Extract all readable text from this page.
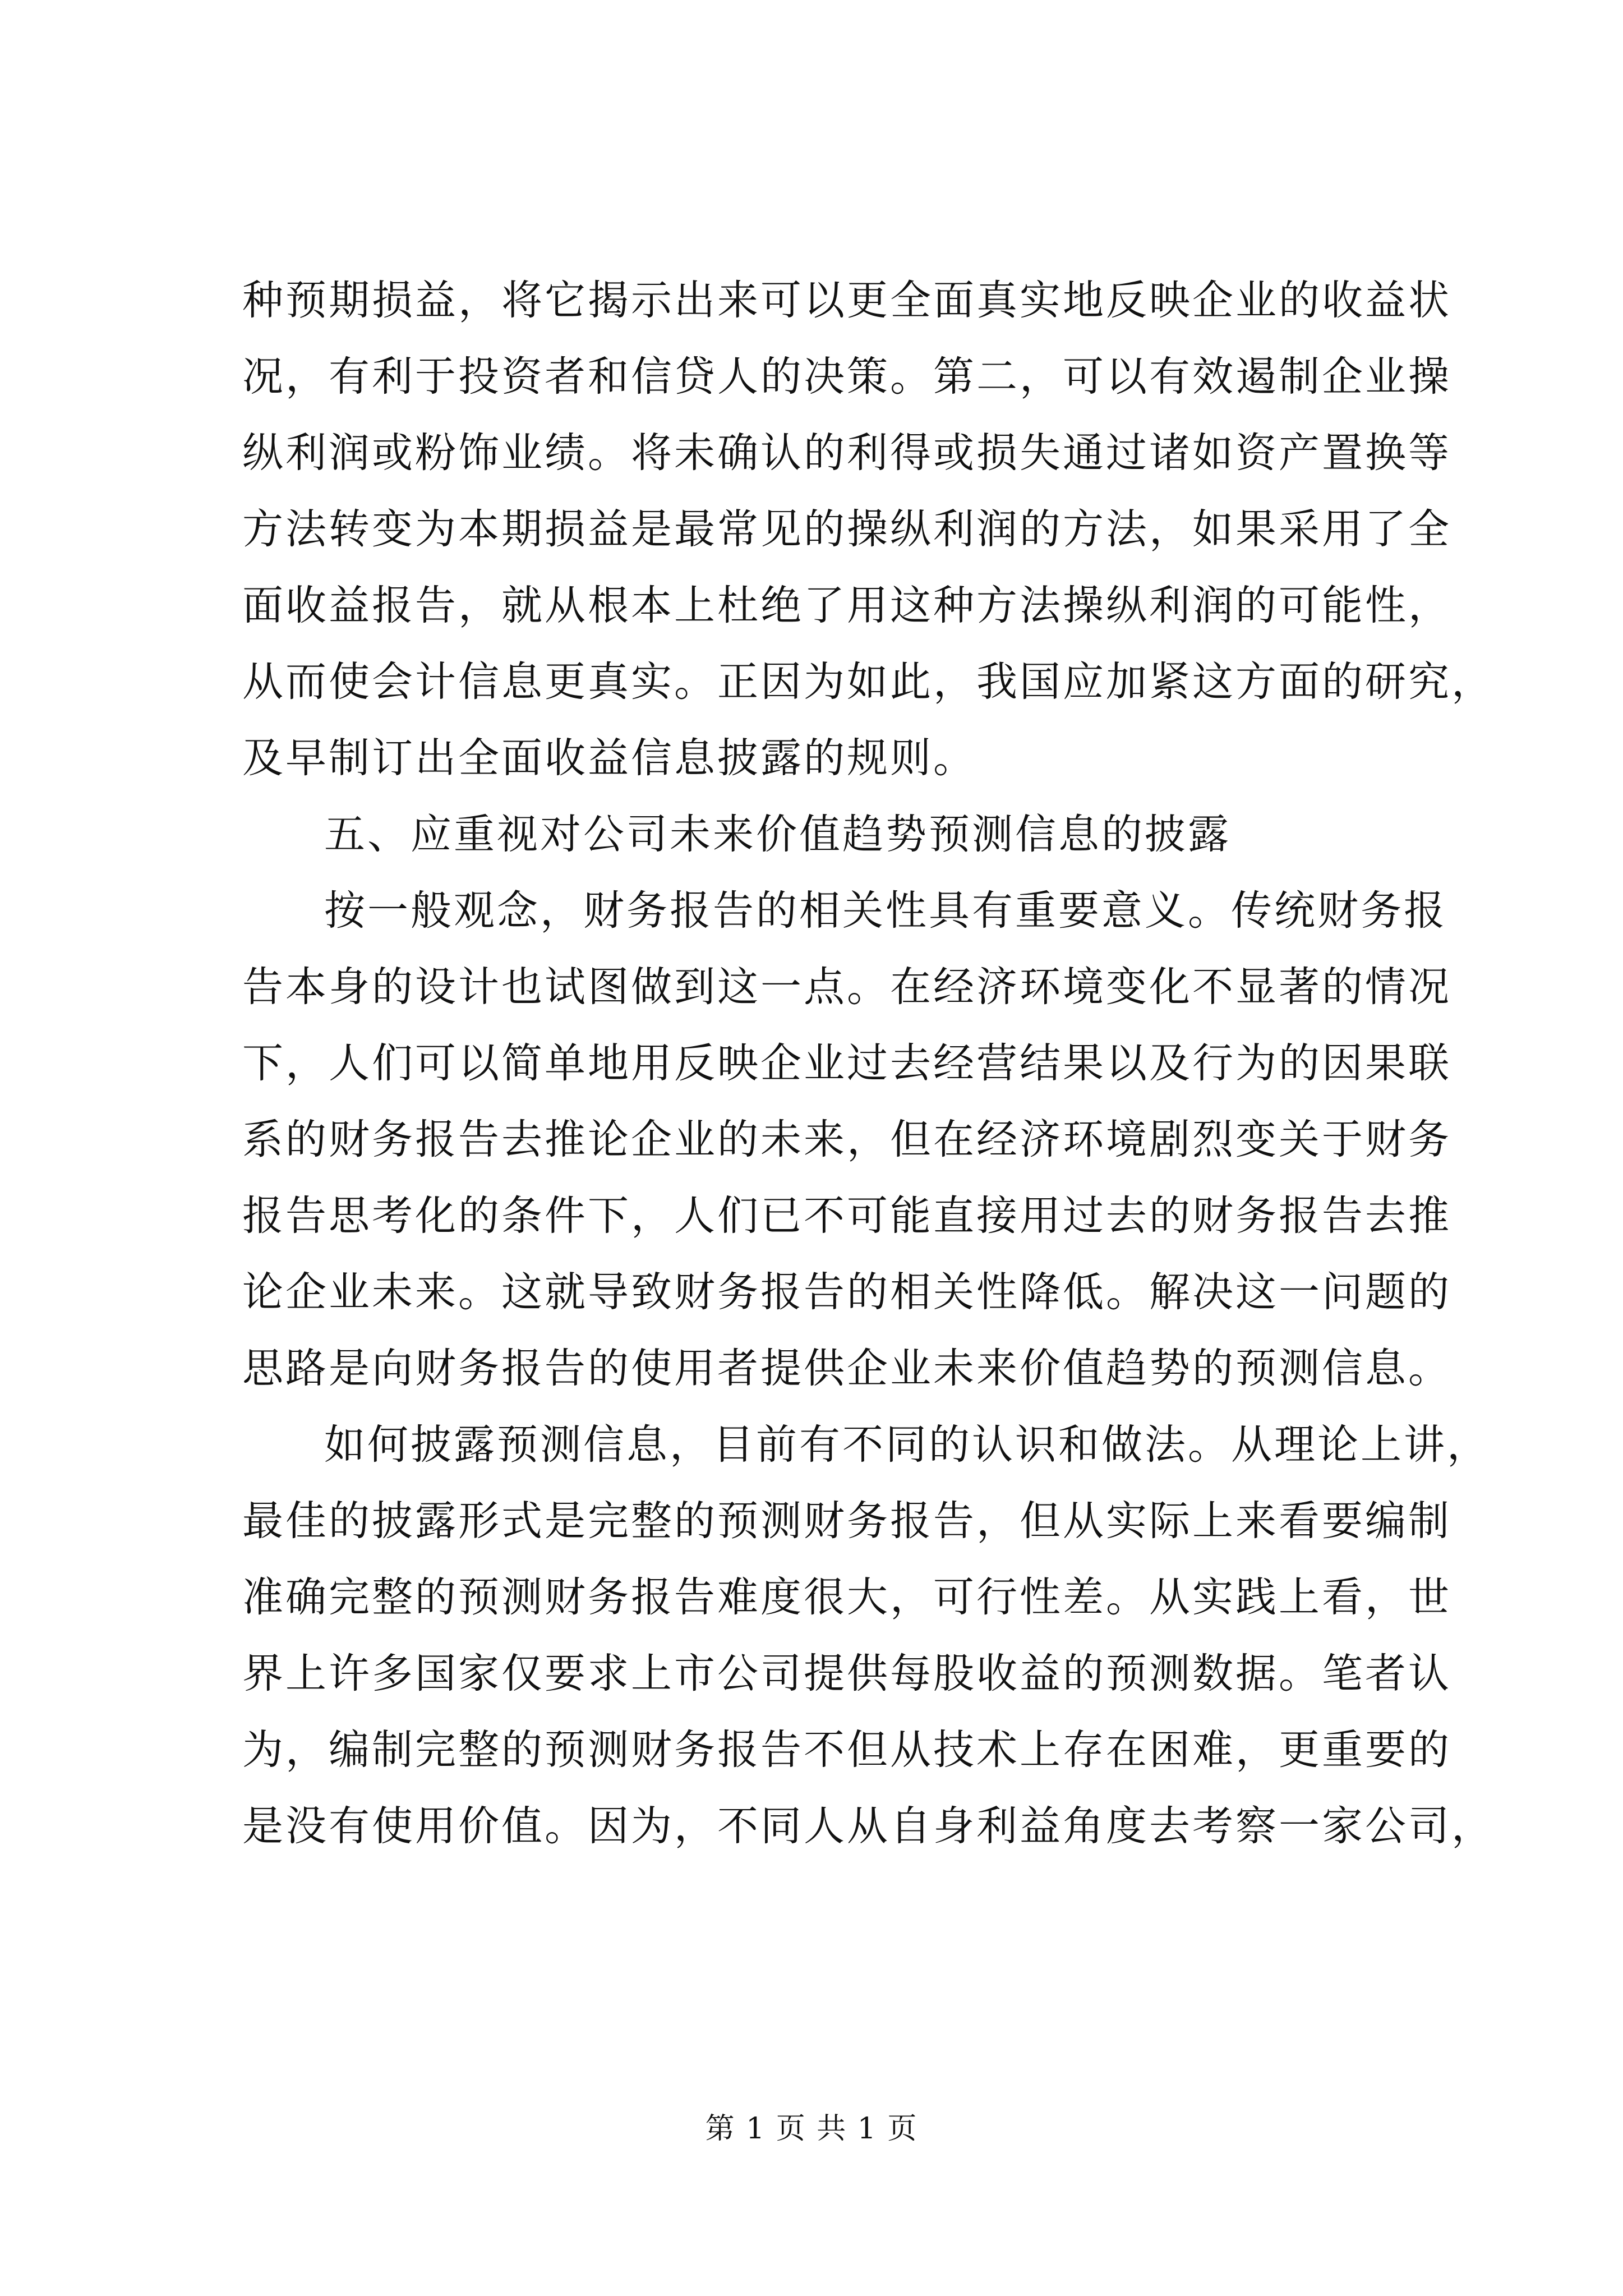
种预期损益，将它揭示出来可以更全面真实地反映企业的收益状
况，有利于投资者和信贷人的决策。第二，可以有效遏制企业操
纵利润或粉饰业绩。将未确认的利得或损失通过诸如资产置换等
方法转变为本期损益是最常见的操纵利润的方法，如果采用了全
面收益报告，就从根本上杜绝了用这种方法操纵利润的可能性，
从而使会计信息更真实。正因为如此，我国应加紧这方面的研究，
及早制订出全面收益信息披露的规则。
五、应重视对公司未来价值趋势预测信息的披露
按一般观念，财务报告的相关性具有重要意义。传统财务报
告本身的设计也试图做到这一点。在经济环境变化不显著的情况
下，人们可以简单地用反映企业过去经营结果以及行为的因果联
系的财务报告去推论企业的未来，但在经济环境剧烈变关于财务
报告思考化的条件下，人们已不可能直接用过去的财务报告去推
论企业未来。这就导致财务报告的相关性降低。解决这一问题的
思路是向财务报告的使用者提供企业未来价值趋势的预测信息。
如何披露预测信息，目前有不同的认识和做法。从理论上讲，
最佳的披露形式是完整的预测财务报告，但从实际上来看要编制
准确完整的预测财务报告难度很大，可行性差。从实践上看，世
界上许多国家仅要求上市公司提供每股收益的预测数据。笔者认
为，编制完整的预测财务报告不但从技术上存在困难，更重要的
是没有使用价值。因为，不同人从自身利益角度去考察一家公司，
第 1 页 共 1 页
